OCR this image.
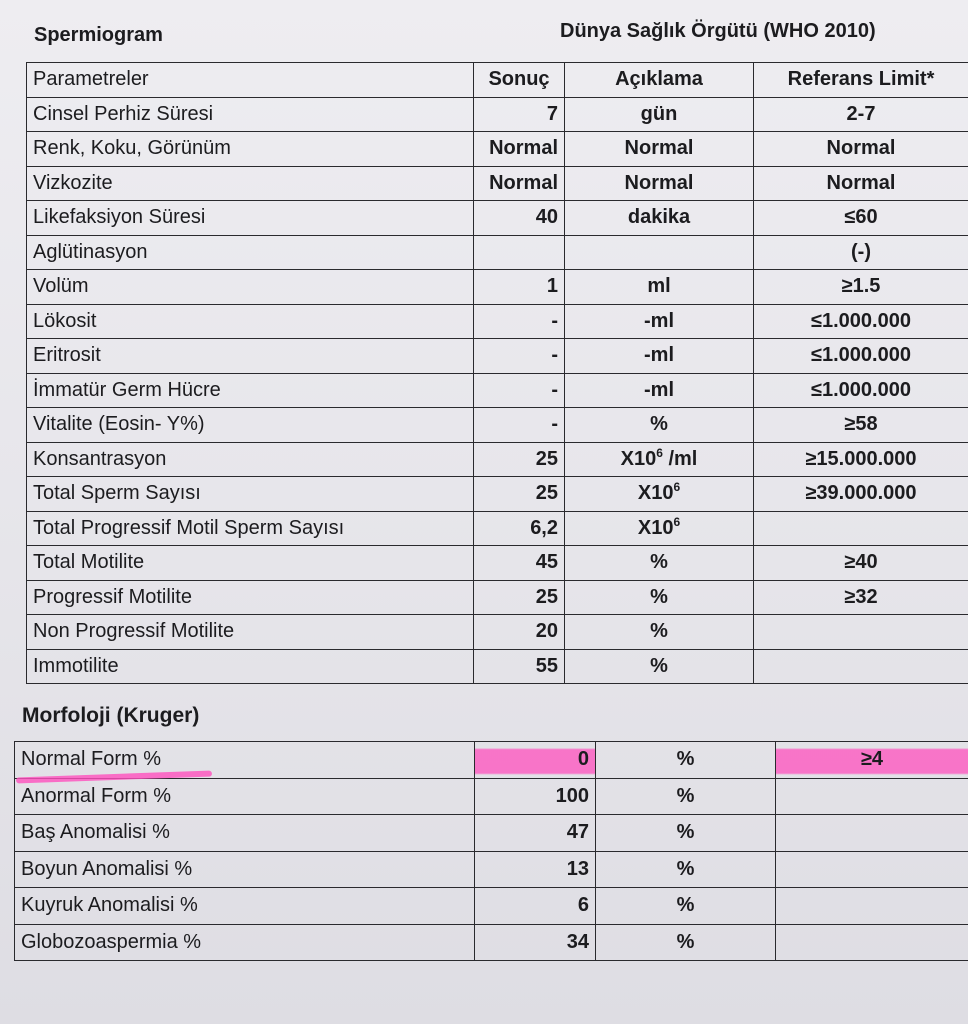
Spermiogram	Dünya Sağlık Örgütü (WHO 2010)
Parametreler	Sonuç	Açıklama	Referans Limit*
Cinsel Perhiz Süresi	7	gün	2-7
Renk, Koku, Görünüm	Normal	Normal	Normal
Vizkozite	Normal	Normal	Normal
Likefaksiyon Süresi	40	dakika	≤60
Aglütinasyon			(-)
Volüm	1	ml	≥1.5
Lökosit	-	-ml	≤1.000.000
Eritrosit	-	-ml	≤1.000.000
İmmatür Germ Hücre	-	-ml	≤1.000.000
Vitalite (Eosin- Y%)	-	%	≥58
Konsantrasyon	25	$X10^6$ /ml	≥15.000.000
Total Sperm Sayısı	25	$X10^6$	≥39.000.000
Total Progressif Motil Sperm Sayısı	6,2	$X10^6$	
Total Motilite	45	%	≥40
Progressif Motilite	25	%	≥32
Non Progressif Motilite	20	%	
Immotilite	55	%	
Morfoloji (Kruger)
Normal Form %	0	%	≥4
Anormal Form %	100	%	
Baş Anomalisi %	47	%	
Boyun Anomalisi %	13	%	
Kuyruk Anomalisi %	6	%	
Globozoaspermia %	34	%	
